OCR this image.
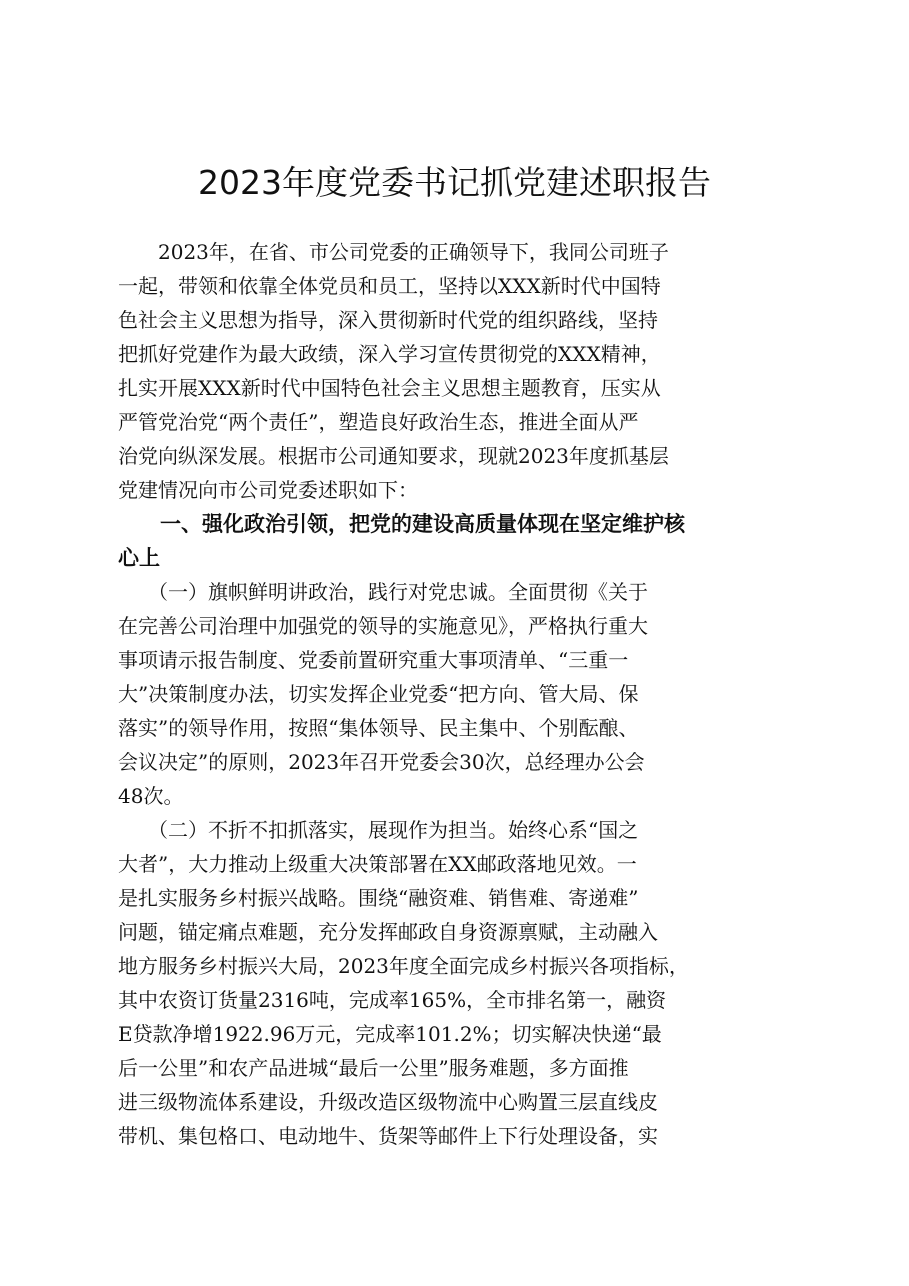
2023年度党委书记抓党建述职报告
　　2023年，在省、市公司党委的正确领导下，我同公司班子
一起，带领和依靠全体党员和员工，坚持以XXX新时代中国特
色社会主义思想为指导，深入贯彻新时代党的组织路线，坚持
把抓好党建作为最大政绩，深入学习宣传贯彻党的XXX精神，
扎实开展XXX新时代中国特色社会主义思想主题教育，压实从
严管党治党“两个责任”，塑造良好政治生态，推进全面从严
治党向纵深发展。根据市公司通知要求，现就2023年度抓基层
党建情况向市公司党委述职如下：
　　一、强化政治引领，把党的建设高质量体现在坚定维护核
心上
　　（一）旗帜鲜明讲政治，践行对党忠诚。全面贯彻《关于
在完善公司治理中加强党的领导的实施意见》，严格执行重大
事项请示报告制度、党委前置研究重大事项清单、“三重一
大”决策制度办法，切实发挥企业党委“把方向、管大局、保
落实”的领导作用，按照“集体领导、民主集中、个别酝酿、
会议决定”的原则，2023年召开党委会30次，总经理办公会
48次。
　　（二）不折不扣抓落实，展现作为担当。始终心系“国之
大者”，大力推动上级重大决策部署在XX邮政落地见效。一
是扎实服务乡村振兴战略。围绕“融资难、销售难、寄递难”
问题，锚定痛点难题，充分发挥邮政自身资源禀赋，主动融入
地方服务乡村振兴大局，2023年度全面完成乡村振兴各项指标，
其中农资订货量2316吨，完成率165%，全市排名第一，融资
E贷款净增1922.96万元，完成率101.2%；切实解决快递“最
后一公里”和农产品进城“最后一公里”服务难题，多方面推
进三级物流体系建设，升级改造区级物流中心购置三层直线皮
带机、集包格口、电动地牛、货架等邮件上下行处理设备，实
